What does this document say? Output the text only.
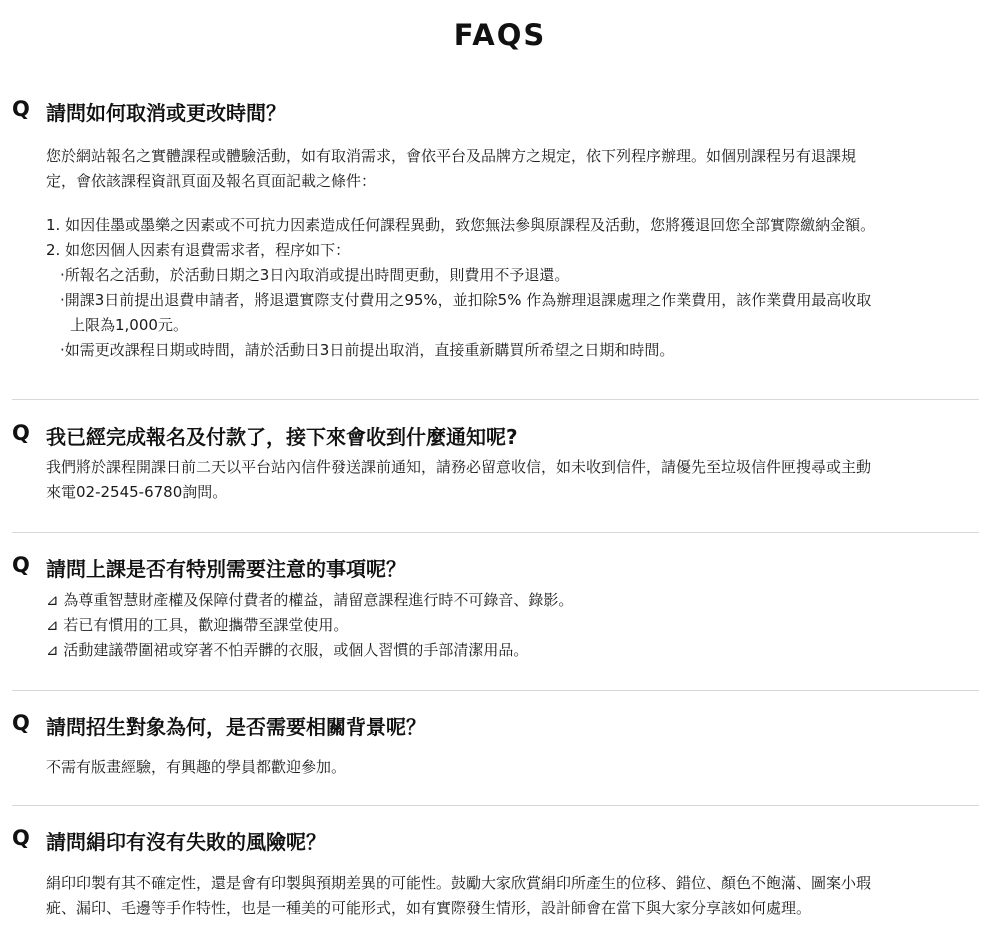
FAQS
Q 請問如何取消或更改時間？
您於網站報名之實體課程或體驗活動，如有取消需求，會依平台及品牌方之規定，依下列程序辦理。如個別課程另有退課規
定，會依該課程資訊頁面及報名頁面記載之條件：
1. 如因佳墨或墨樂之因素或不可抗力因素造成任何課程異動，致您無法參與原課程及活動，您將獲退回您全部實際繳納金額。
2. 如您因個人因素有退費需求者，程序如下：
‧所報名之活動，於活動日期之3日內取消或提出時間更動，則費用不予退還。
‧開課3日前提出退費申請者，將退還實際支付費用之95%，並扣除5% 作為辦理退課處理之作業費用，該作業費用最高收取
上限為1,000元。
‧如需更改課程日期或時間，請於活動日3日前提出取消，直接重新購買所希望之日期和時間。
Q 我已經完成報名及付款了，接下來會收到什麼通知呢?
我們將於課程開課日前二天以平台站內信件發送課前通知，請務必留意收信，如未收到信件，請優先至垃圾信件匣搜尋或主動
來電02-2545-6780詢問。
Q 請問上課是否有特別需要注意的事項呢？
⊿ 為尊重智慧財產權及保障付費者的權益，請留意課程進行時不可錄音、錄影。
⊿ 若已有慣用的工具，歡迎攜帶至課堂使用。
⊿ 活動建議帶圍裙或穿著不怕弄髒的衣服，或個人習慣的手部清潔用品。
Q 請問招生對象為何，是否需要相關背景呢？
不需有版畫經驗，有興趣的學員都歡迎參加。
Q 請問絹印有沒有失敗的風險呢？
絹印印製有其不確定性，還是會有印製與預期差異的可能性。鼓勵大家欣賞絹印所產生的位移、錯位、顏色不飽滿、圖案小瑕
疵、漏印、毛邊等手作特性，也是一種美的可能形式，如有實際發生情形，設計師會在當下與大家分享該如何處理。
